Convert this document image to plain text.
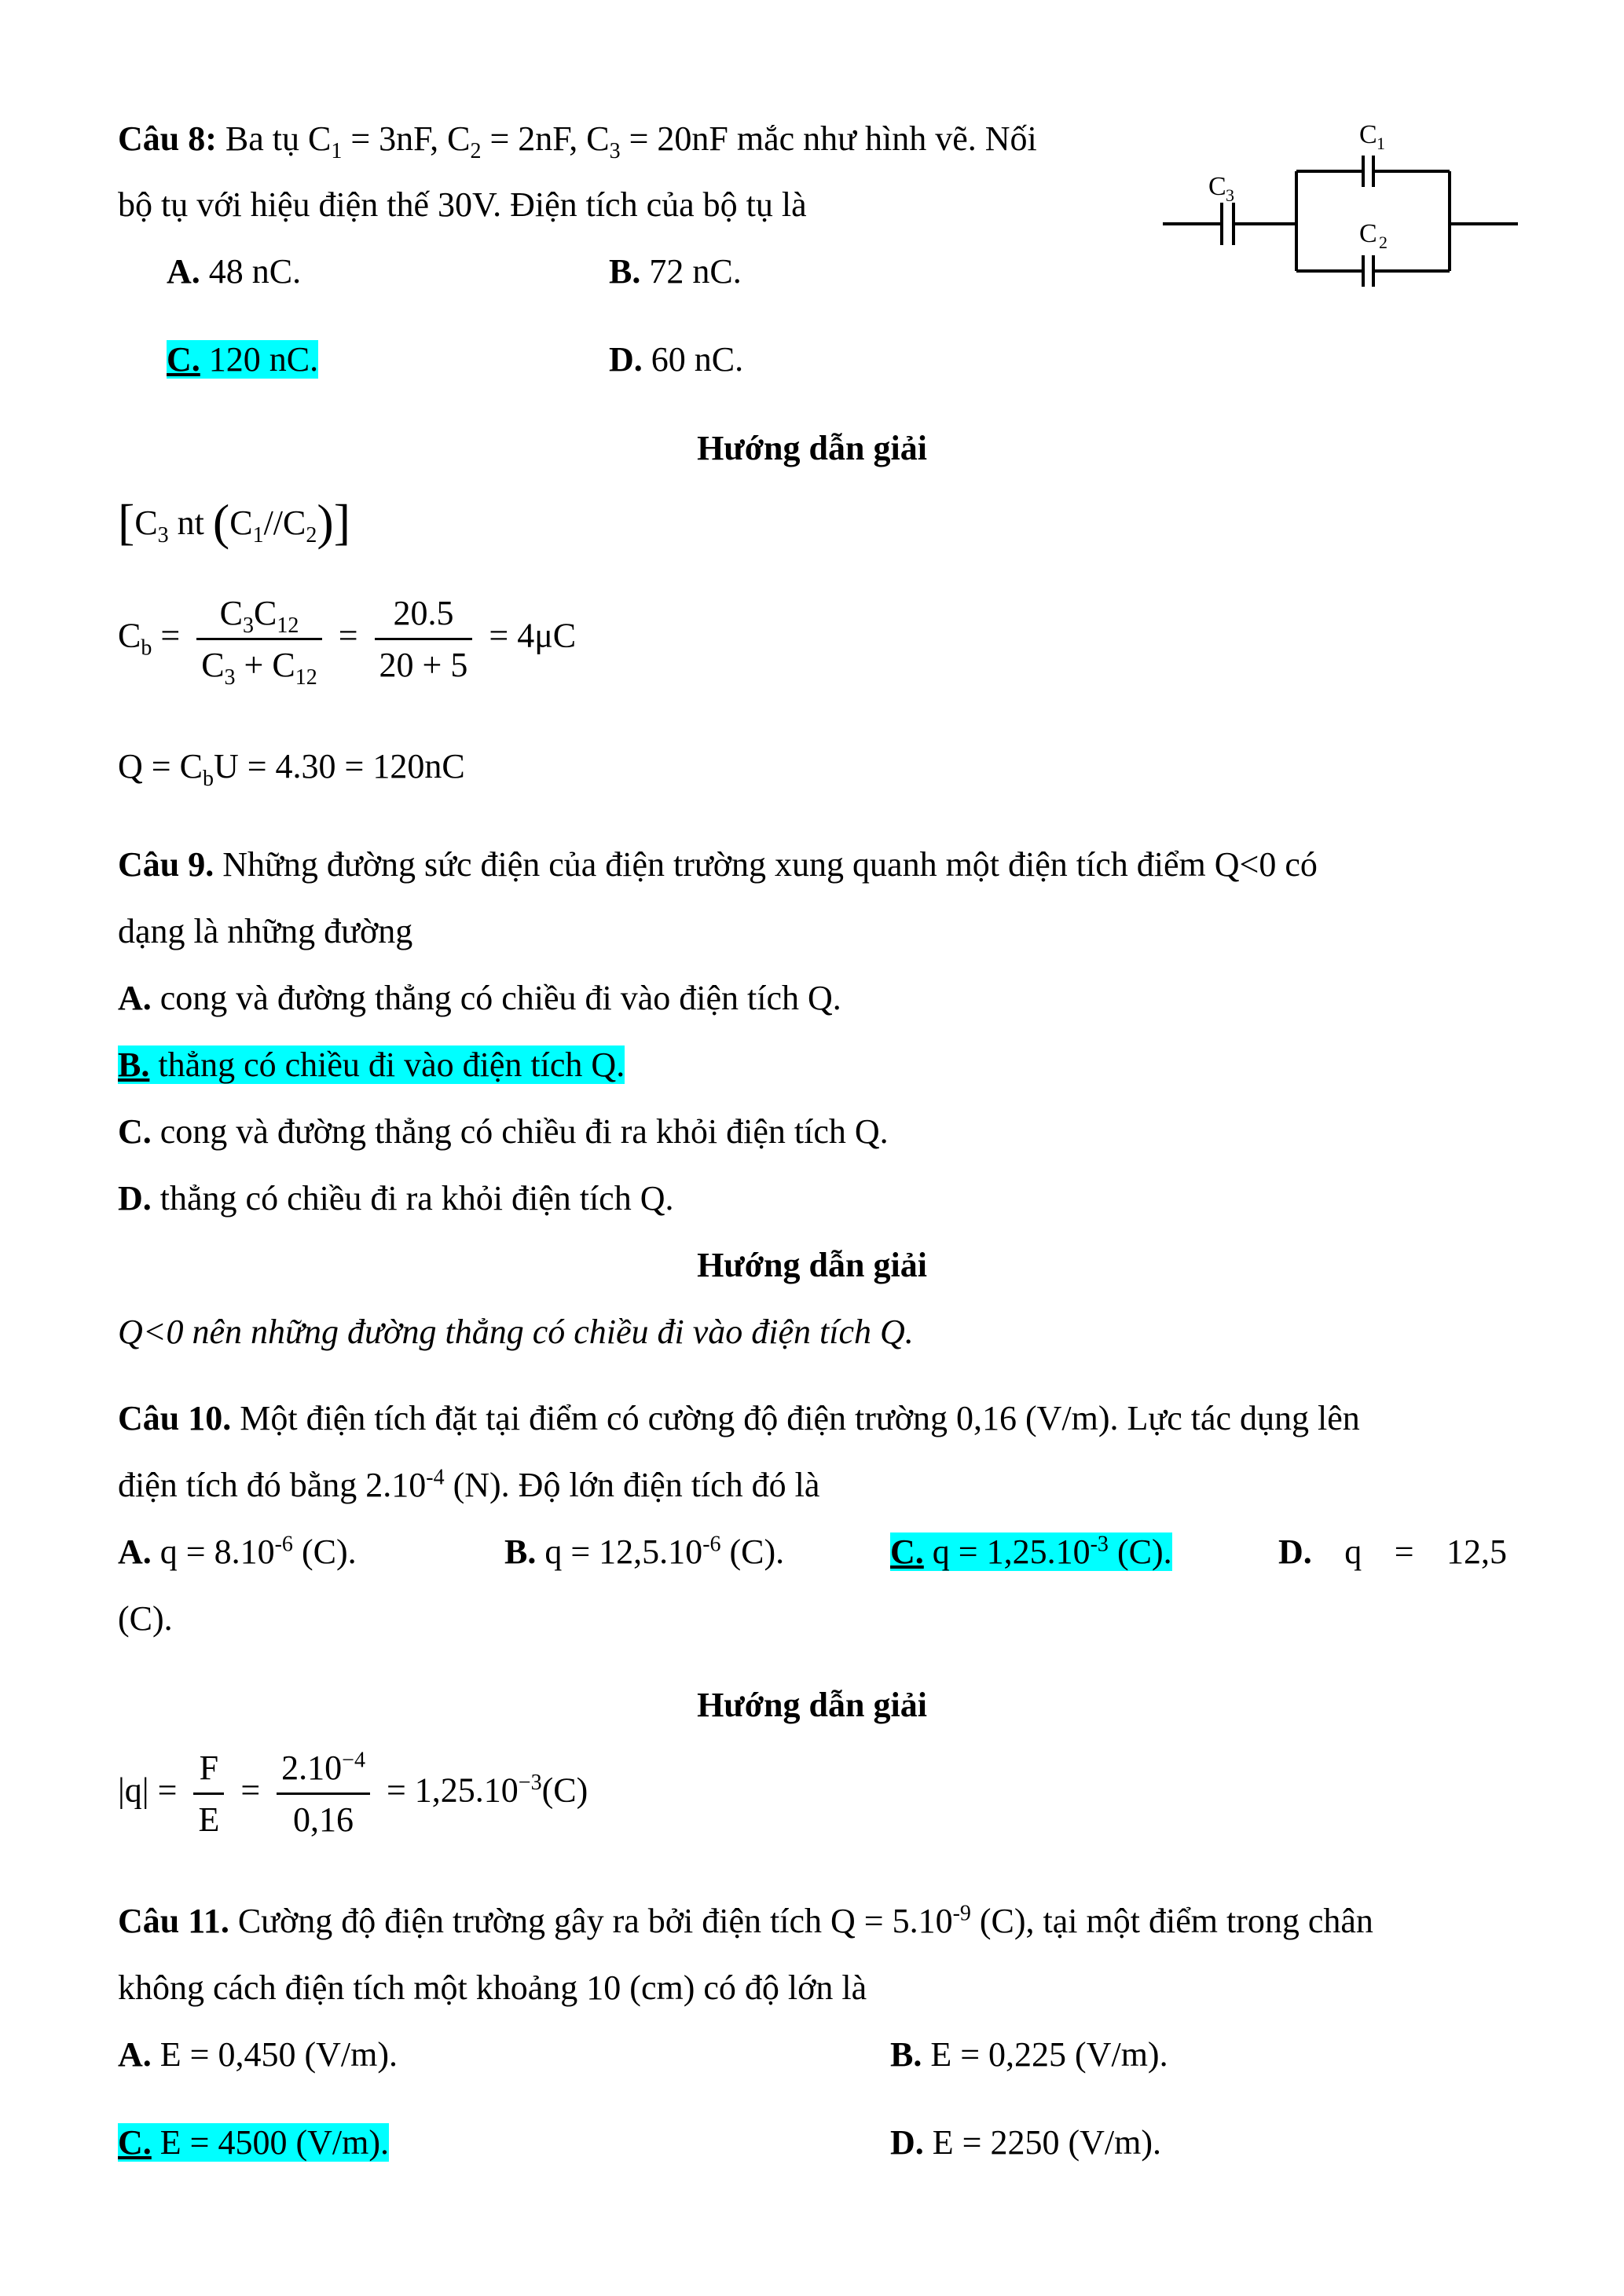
Câu 8: Ba tụ $C_1 = 3nF$, $C_2 = 2nF$, $C_3 = 20nF$ mắc như hình vẽ. Nối
bộ tụ với hiệu điện thế 30V. Điện tích của bộ tụ là
A. 48 nC.	B. 72 nC.
C. 120 nC.	D. 60 nC.
C 1
C 2
C 3
Hướng dẫn giải
[$C_3$ nt $(C_1//C_2)$]
$C_b = \frac{C_3C_{12}}{C_3 + C_{12}} = \frac{20.5}{20 + 5} = 4\mu C$
$Q = C_bU = 4.30 = 120nC$
Câu 9. Những đường sức điện của điện trường xung quanh một điện tích điểm Q<0 có
dạng là những đường
A. cong và đường thẳng có chiều đi vào điện tích Q.
B. thẳng có chiều đi vào điện tích Q.
C. cong và đường thẳng có chiều đi ra khỏi điện tích Q.
D. thẳng có chiều đi ra khỏi điện tích Q.
Hướng dẫn giải
Q<0 nên những đường thẳng có chiều đi vào điện tích Q.
Câu 10. Một điện tích đặt tại điểm có cường độ điện trường 0,16 (V/m). Lực tác dụng lên
điện tích đó bằng $2.10^{-4}$ (N). Độ lớn điện tích đó là
A. $q = 8.10^{-6}$ (C).	B. $q = 12,5.10^{-6}$ (C).	C. $q = 1,25.10^{-3}$ (C).	D. q = 12,5
(C).
Hướng dẫn giải
$|q| = \frac{F}{E} = \frac{2.10^{-4}}{0,16} = 1,25.10^{-3}(C)$
Câu 11. Cường độ điện trường gây ra bởi điện tích $Q = 5.10^{-9}$ (C), tại một điểm trong chân
không cách điện tích một khoảng 10 (cm) có độ lớn là
A. E = 0,450 (V/m).	B. E = 0,225 (V/m).
C. E = 4500 (V/m).	D. E = 2250 (V/m).
